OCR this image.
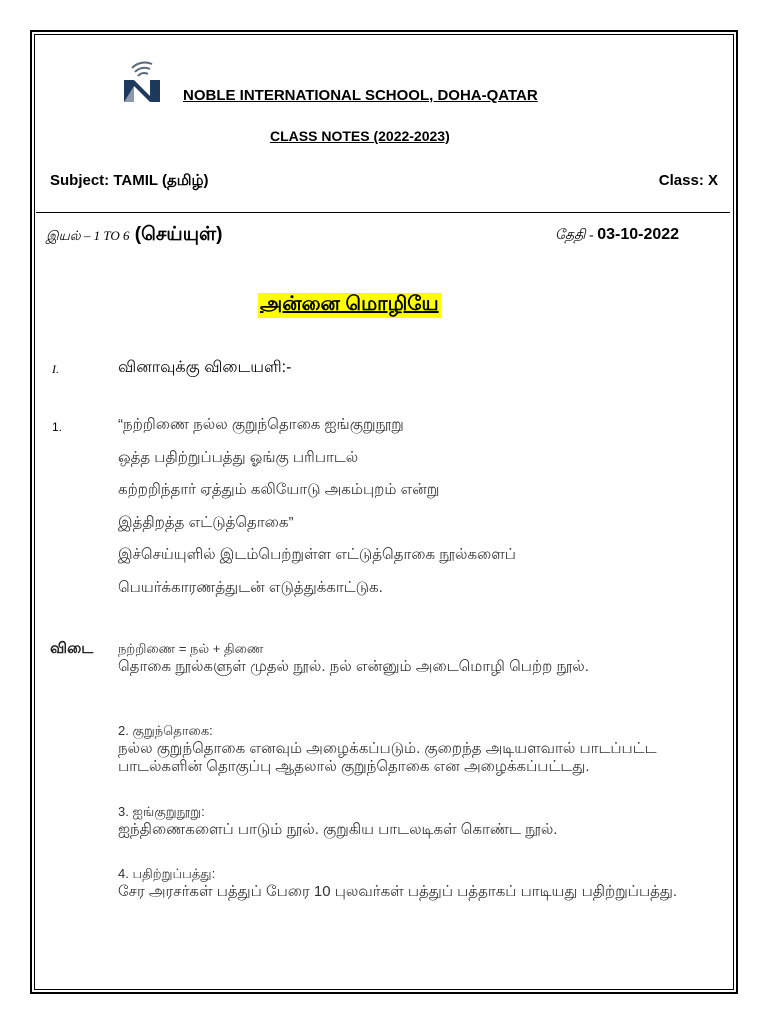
NOBLE INTERNATIONAL SCHOOL, DOHA-QATAR
CLASS NOTES (2022-2023)
Subject: TAMIL (தமிழ்)	Class: X
இயல் – 1 TO 6 (செய்யுள்)	தேதி - 03-10-2022
அன்னை மொழியே
I.	வினாவுக்கு விடையளி:-
1.	“நற்றிணை நல்ல குறுந்தொகை ஐங்குறுநூறு
ஒத்த பதிற்றுப்பத்து ஓங்கு பரிபாடல்
கற்றறிந்தார் ஏத்தும் கலியோடு அகம்புறம் என்று
இத்திறத்த எட்டுத்தொகை”
இச்செய்யுளில் இடம்பெற்றுள்ள எட்டுத்தொகை நூல்களைப்
பெயர்க்காரணத்துடன் எடுத்துக்காட்டுக.
விடை நற்றிணை = நல் + திணை
தொகை நூல்களுள் முதல் நூல். நல் என்னும் அடைமொழி பெற்ற நூல்.
2. குறுந்தொகை:
நல்ல குறுந்தொகை எனவும் அழைக்கப்படும். குறைந்த அடியளவால் பாடப்பட்ட பாடல்களின் தொகுப்பு ஆதலால் குறுந்தொகை என அழைக்கப்பட்டது.
3. ஐங்குறுநூறு:
ஐந்திணைகளைப் பாடும் நூல். குறுகிய பாடலடிகள் கொண்ட நூல்.
4. பதிற்றுப்பத்து:
சேர அரசர்கள் பத்துப் பேரை 10 புலவர்கள் பத்துப் பத்தாகப் பாடியது பதிற்றுப்பத்து.
